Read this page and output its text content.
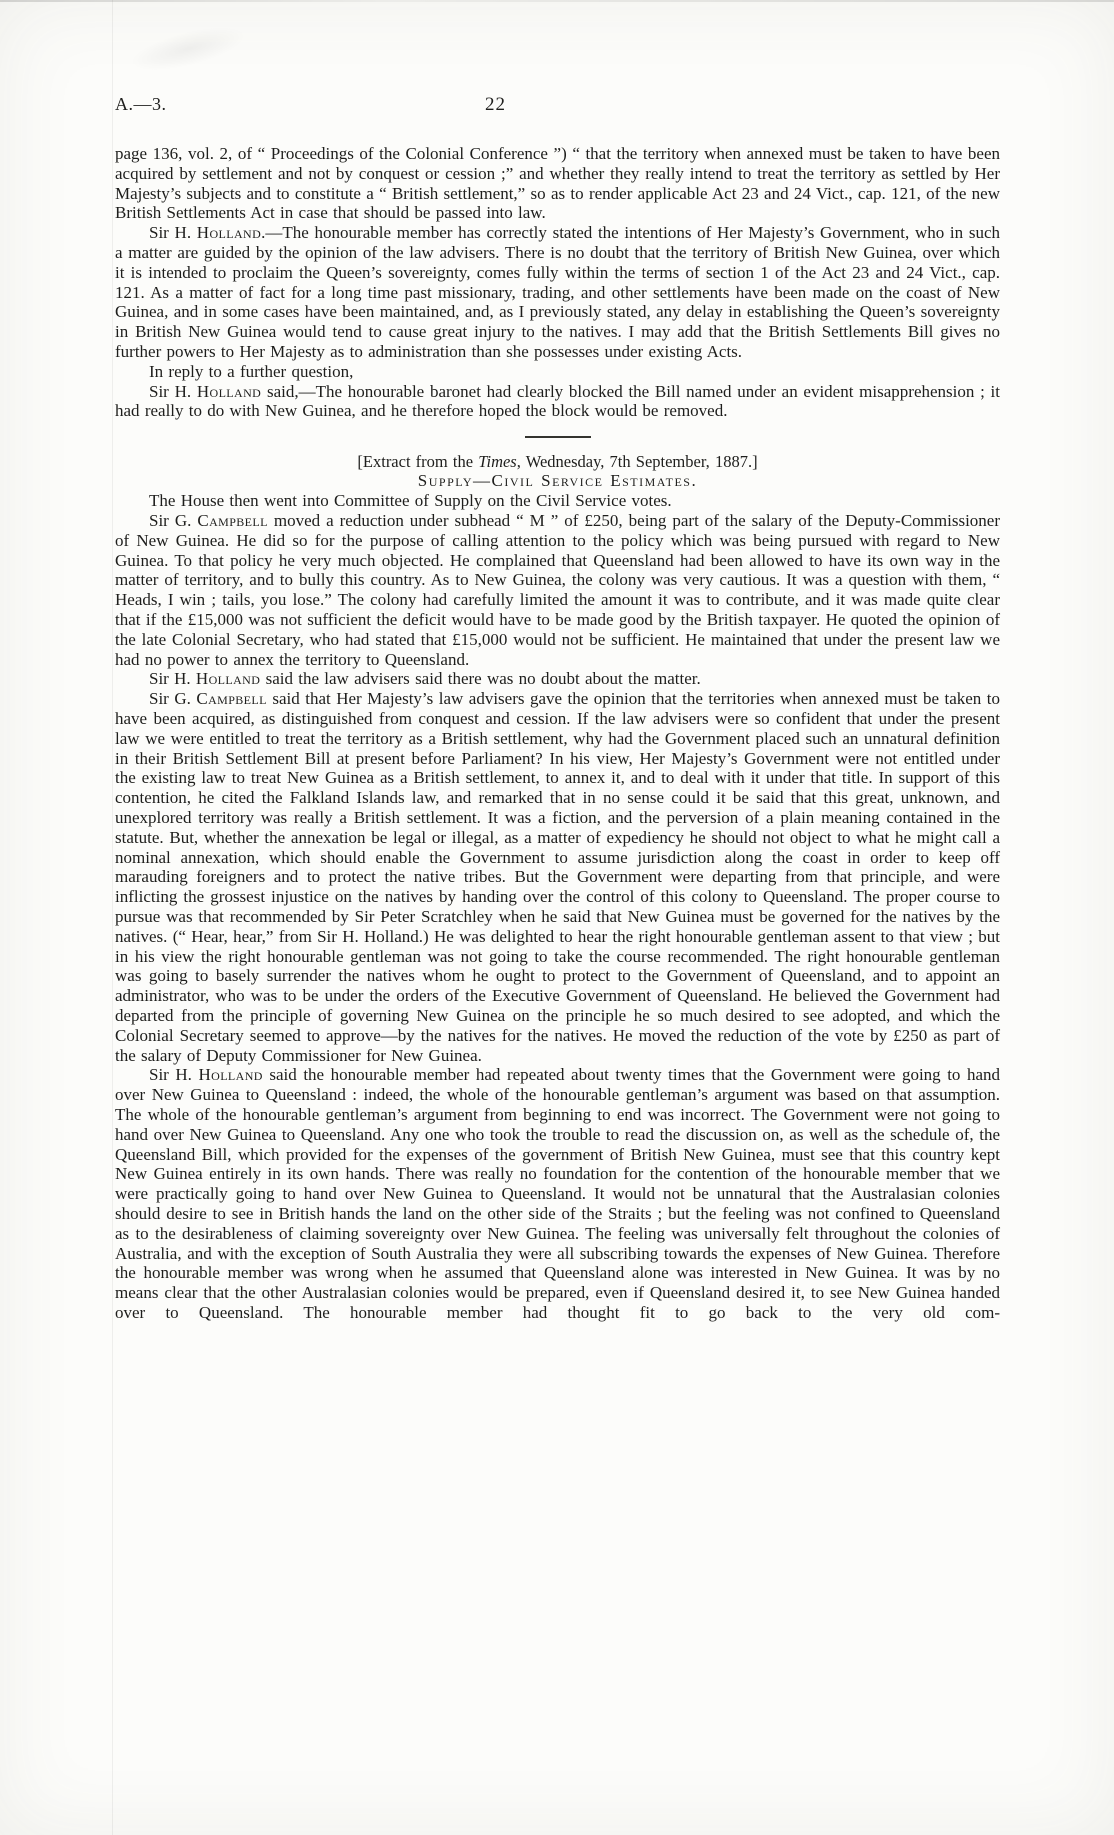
A.—3.	22

page 136, vol. 2, of “ Proceedings of the Colonial Conference ”) “ that the territory when annexed must be taken to have been acquired by settlement and not by conquest or cession ;” and whether they really intend to treat the territory as settled by Her Majesty’s subjects and to constitute a “ British settlement,” so as to render applicable Act 23 and 24 Vict., cap. 121, of the new British Settlements Act in case that should be passed into law.

Sir H. Holland.—The honourable member has correctly stated the intentions of Her Majesty’s Government, who in such a matter are guided by the opinion of the law advisers. There is no doubt that the territory of British New Guinea, over which it is intended to proclaim the Queen’s sovereignty, comes fully within the terms of section 1 of the Act 23 and 24 Vict., cap. 121. As a matter of fact for a long time past missionary, trading, and other settlements have been made on the coast of New Guinea, and in some cases have been maintained, and, as I previously stated, any delay in establishing the Queen’s sovereignty in British New Guinea would tend to cause great injury to the natives. I may add that the British Settlements Bill gives no further powers to Her Majesty as to administration than she possesses under existing Acts.

In reply to a further question,

Sir H. Holland said,—The honourable baronet had clearly blocked the Bill named under an evident misapprehension ; it had really to do with New Guinea, and he therefore hoped the block would be removed.

[Extract from the Times, Wednesday, 7th September, 1887.]

Supply—Civil Service Estimates.

The House then went into Committee of Supply on the Civil Service votes.

Sir G. Campbell moved a reduction under subhead “ M ” of £250, being part of the salary of the Deputy-Commissioner of New Guinea. He did so for the purpose of calling attention to the policy which was being pursued with regard to New Guinea. To that policy he very much objected. He complained that Queensland had been allowed to have its own way in the matter of territory, and to bully this country. As to New Guinea, the colony was very cautious. It was a question with them, “ Heads, I win ; tails, you lose.” The colony had carefully limited the amount it was to contribute, and it was made quite clear that if the £15,000 was not sufficient the deficit would have to be made good by the British taxpayer. He quoted the opinion of the late Colonial Secretary, who had stated that £15,000 would not be sufficient. He maintained that under the present law we had no power to annex the territory to Queensland.

Sir H. Holland said the law advisers said there was no doubt about the matter.

Sir G. Campbell said that Her Majesty’s law advisers gave the opinion that the territories when annexed must be taken to have been acquired, as distinguished from conquest and cession. If the law advisers were so confident that under the present law we were entitled to treat the territory as a British settlement, why had the Government placed such an unnatural definition in their British Settlement Bill at present before Parliament? In his view, Her Majesty’s Government were not entitled under the existing law to treat New Guinea as a British settlement, to annex it, and to deal with it under that title. In support of this contention, he cited the Falkland Islands law, and remarked that in no sense could it be said that this great, unknown, and unexplored territory was really a British settlement. It was a fiction, and the perversion of a plain meaning contained in the statute. But, whether the annexation be legal or illegal, as a matter of expediency he should not object to what he might call a nominal annexation, which should enable the Government to assume jurisdiction along the coast in order to keep off marauding foreigners and to protect the native tribes. But the Government were departing from that principle, and were inflicting the grossest injustice on the natives by handing over the control of this colony to Queensland. The proper course to pursue was that recommended by Sir Peter Scratchley when he said that New Guinea must be governed for the natives by the natives. (“ Hear, hear,” from Sir H. Holland.) He was delighted to hear the right honourable gentleman assent to that view ; but in his view the right honourable gentleman was not going to take the course recommended. The right honourable gentleman was going to basely surrender the natives whom he ought to protect to the Government of Queensland, and to appoint an administrator, who was to be under the orders of the Executive Government of Queensland. He believed the Government had departed from the principle of governing New Guinea on the principle he so much desired to see adopted, and which the Colonial Secretary seemed to approve—by the natives for the natives. He moved the reduction of the vote by £250 as part of the salary of Deputy Commissioner for New Guinea.

Sir H. Holland said the honourable member had repeated about twenty times that the Government were going to hand over New Guinea to Queensland : indeed, the whole of the honourable gentleman’s argument was based on that assumption. The whole of the honourable gentleman’s argument from beginning to end was incorrect. The Government were not going to hand over New Guinea to Queensland. Any one who took the trouble to read the discussion on, as well as the schedule of, the Queensland Bill, which provided for the expenses of the government of British New Guinea, must see that this country kept New Guinea entirely in its own hands. There was really no foundation for the contention of the honourable member that we were practically going to hand over New Guinea to Queensland. It would not be unnatural that the Australasian colonies should desire to see in British hands the land on the other side of the Straits ; but the feeling was not confined to Queensland as to the desirableness of claiming sovereignty over New Guinea. The feeling was universally felt throughout the colonies of Australia, and with the exception of South Australia they were all subscribing towards the expenses of New Guinea. Therefore the honourable member was wrong when he assumed that Queensland alone was interested in New Guinea. It was by no means clear that the other Australasian colonies would be prepared, even if Queensland desired it, to see New Guinea handed over to Queensland. The honourable member had thought fit to go back to the very old com-
